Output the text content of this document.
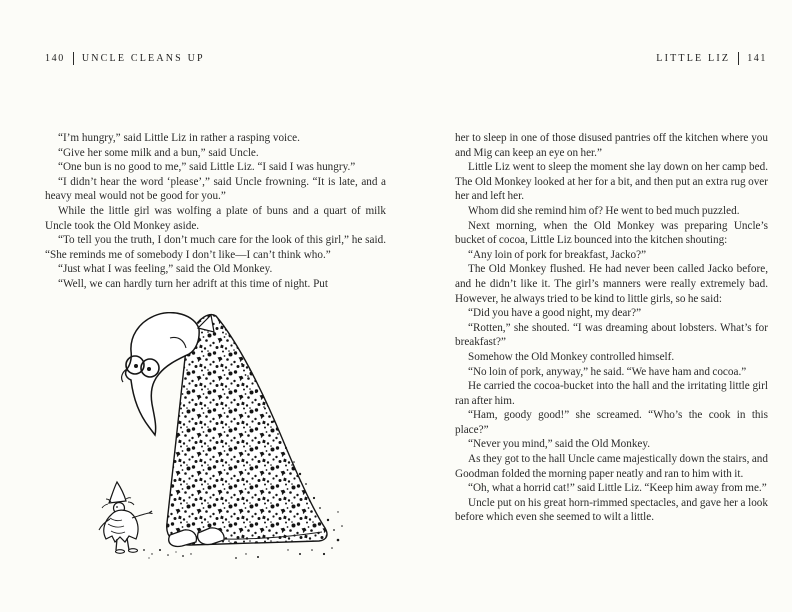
140 UNCLE CLEANS UP	LITTLE LIZ 141

“I’m hungry,” said Little Liz in rather a rasping voice.

“Give her some milk and a bun,” said Uncle.

“One bun is no good to me,” said Little Liz. “I said I was hungry.”

“I didn’t hear the word ‘please’,” said Uncle frowning. “It is late, and a heavy meal would not be good for you.”

While the little girl was wolfing a plate of buns and a quart of milk Uncle took the Old Monkey aside.

“To tell you the truth, I don’t much care for the look of this girl,” he said. “She reminds me of somebody I don’t like—I can’t think who.”

“Just what I was feeling,” said the Old Monkey.

“Well, we can hardly turn her adrift at this time of night. Put

her to sleep in one of those disused pantries off the kitchen where you and Mig can keep an eye on her.”

Little Liz went to sleep the moment she lay down on her camp bed. The Old Monkey looked at her for a bit, and then put an extra rug over her and left her.

Whom did she remind him of? He went to bed much puzzled.

Next morning, when the Old Monkey was preparing Uncle’s bucket of cocoa, Little Liz bounced into the kitchen shouting:

“Any loin of pork for breakfast, Jacko?”

The Old Monkey flushed. He had never been called Jacko before, and he didn’t like it. The girl’s manners were really extremely bad. However, he always tried to be kind to little girls, so he said:

“Did you have a good night, my dear?”

“Rotten,” she shouted. “I was dreaming about lobsters. What’s for breakfast?”

Somehow the Old Monkey controlled himself.

“No loin of pork, anyway,” he said. “We have ham and cocoa.”

He carried the cocoa-bucket into the hall and the irritating little girl ran after him.

“Ham, goody good!” she screamed. “Who’s the cook in this place?”

“Never you mind,” said the Old Monkey.

As they got to the hall Uncle came majestically down the stairs, and Goodman folded the morning paper neatly and ran to him with it.

“Oh, what a horrid cat!” said Little Liz. “Keep him away from me.”

Uncle put on his great horn-rimmed spectacles, and gave her a look before which even she seemed to wilt a little.
